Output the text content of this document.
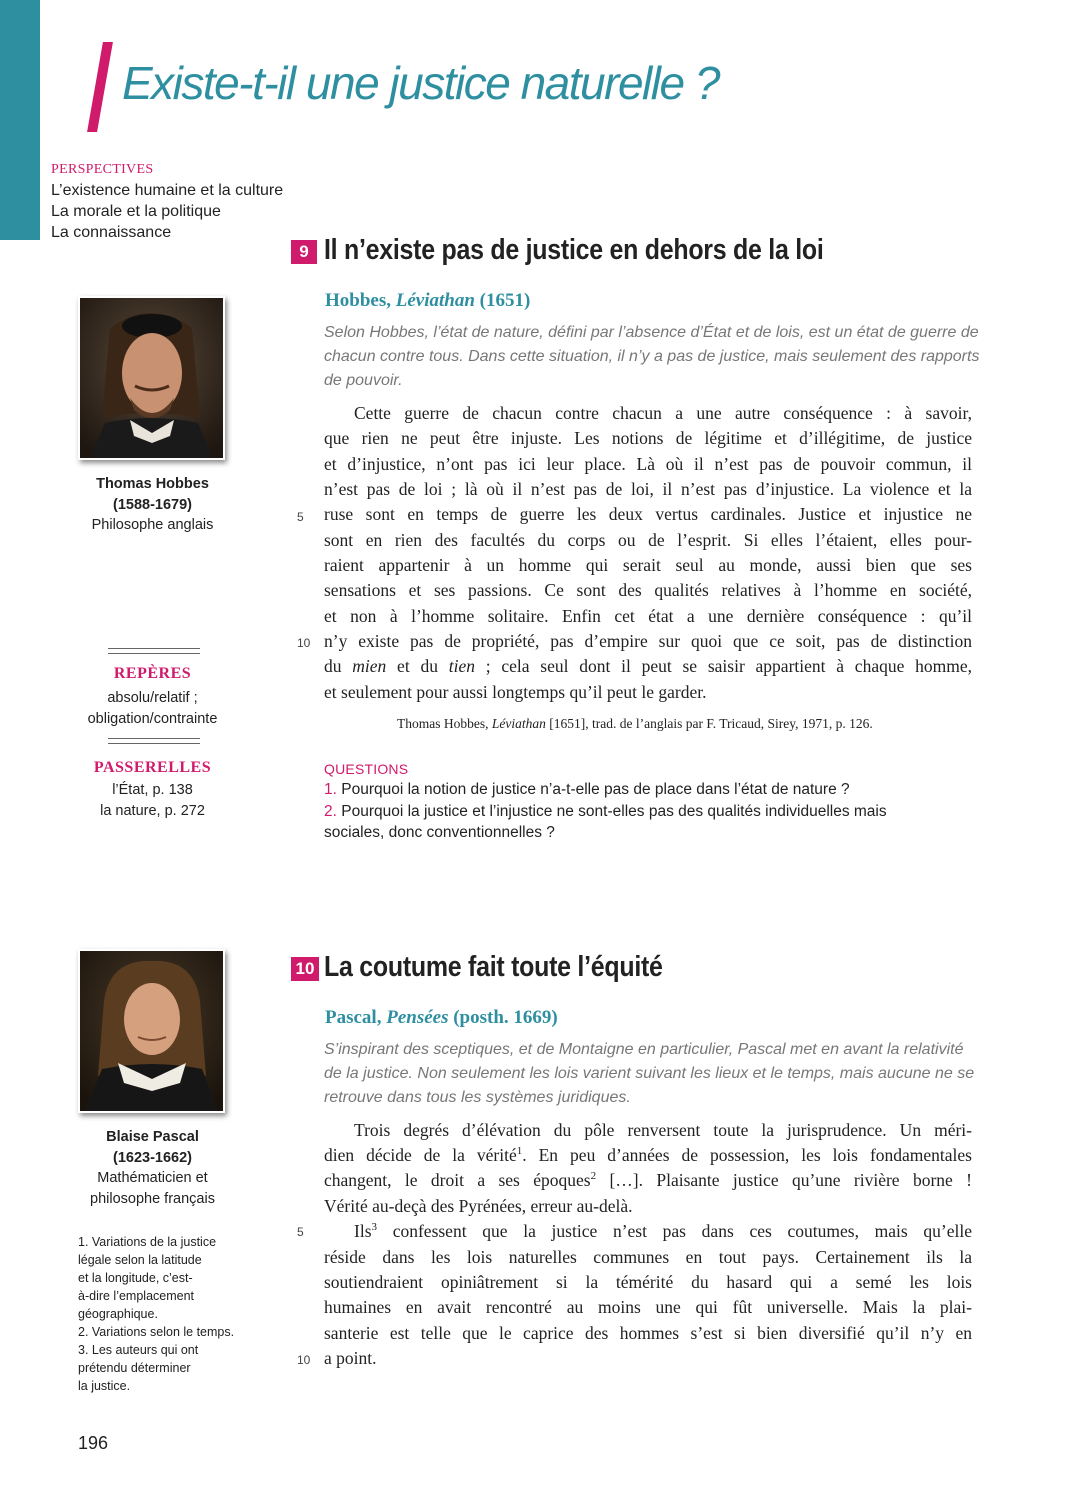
Existe-t-il une justice naturelle ?
PERSPECTIVES
L’existence humaine et la culture
La morale et la politique
La connaissance
Thomas Hobbes
(1588-1679)
Philosophe anglais
REPÈRES
absolu/relatif ;
obligation/contrainte
PASSERELLES
l’État, p. 138
la nature, p. 272
9 Il n’existe pas de justice en dehors de la loi
Hobbes, Léviathan (1651)
Selon Hobbes, l’état de nature, défini par l’absence d’État et de lois, est un état de guerre de chacun contre tous. Dans cette situation, il n’y a pas de justice, mais seulement des rapports de pouvoir.
Cette guerre de chacun contre chacun a une autre conséquence : à savoir,
que rien ne peut être injuste. Les notions de légitime et d’illégitime, de justice
et d’injustice, n’ont pas ici leur place. Là où il n’est pas de pouvoir commun, il
n’est pas de loi ; là où il n’est pas de loi, il n’est pas d’injustice. La violence et la
ruse sont en temps de guerre les deux vertus cardinales. Justice et injustice ne
sont en rien des facultés du corps ou de l’esprit. Si elles l’étaient, elles pour-
raient appartenir à un homme qui serait seul au monde, aussi bien que ses
sensations et ses passions. Ce sont des qualités relatives à l’homme en société,
et non à l’homme solitaire. Enfin cet état a une dernière conséquence : qu’il
n’y existe pas de propriété, pas d’empire sur quoi que ce soit, pas de distinction
du mien et du tien ; cela seul dont il peut se saisir appartient à chaque homme,
et seulement pour aussi longtemps qu’il peut le garder.
5
10
Thomas Hobbes, Léviathan [1651], trad. de l’anglais par F. Tricaud, Sirey, 1971, p. 126.
QUESTIONS
1. Pourquoi la notion de justice n’a-t-elle pas de place dans l’état de nature ?
2. Pourquoi la justice et l’injustice ne sont-elles pas des qualités individuelles mais
sociales, donc conventionnelles ?
Blaise Pascal
(1623-1662)
Mathématicien et
philosophe français
1. Variations de la justice
légale selon la latitude
et la longitude, c’est-
à-dire l’emplacement
géographique.
2. Variations selon le temps.
3. Les auteurs qui ont
prétendu déterminer
la justice.
10 La coutume fait toute l’équité
Pascal, Pensées (posth. 1669)
S’inspirant des sceptiques, et de Montaigne en particulier, Pascal met en avant la relativité de la justice. Non seulement les lois varient suivant les lieux et le temps, mais aucune ne se retrouve dans tous les systèmes juridiques.
Trois degrés d’élévation du pôle renversent toute la jurisprudence. Un méri-
dien décide de la vérité$^1$. En peu d’années de possession, les lois fondamentales
changent, le droit a ses époques$^2$ […]. Plaisante justice qu’une rivière borne !
Vérité au-deçà des Pyrénées, erreur au-delà.
Ils$^3$ confessent que la justice n’est pas dans ces coutumes, mais qu’elle
réside dans les lois naturelles communes en tout pays. Certainement ils la
soutiendraient opiniâtrement si la témérité du hasard qui a semé les lois
humaines en avait rencontré au moins une qui fût universelle. Mais la plai-
santerie est telle que le caprice des hommes s’est si bien diversifié qu’il n’y en
a point.
5
10
196
